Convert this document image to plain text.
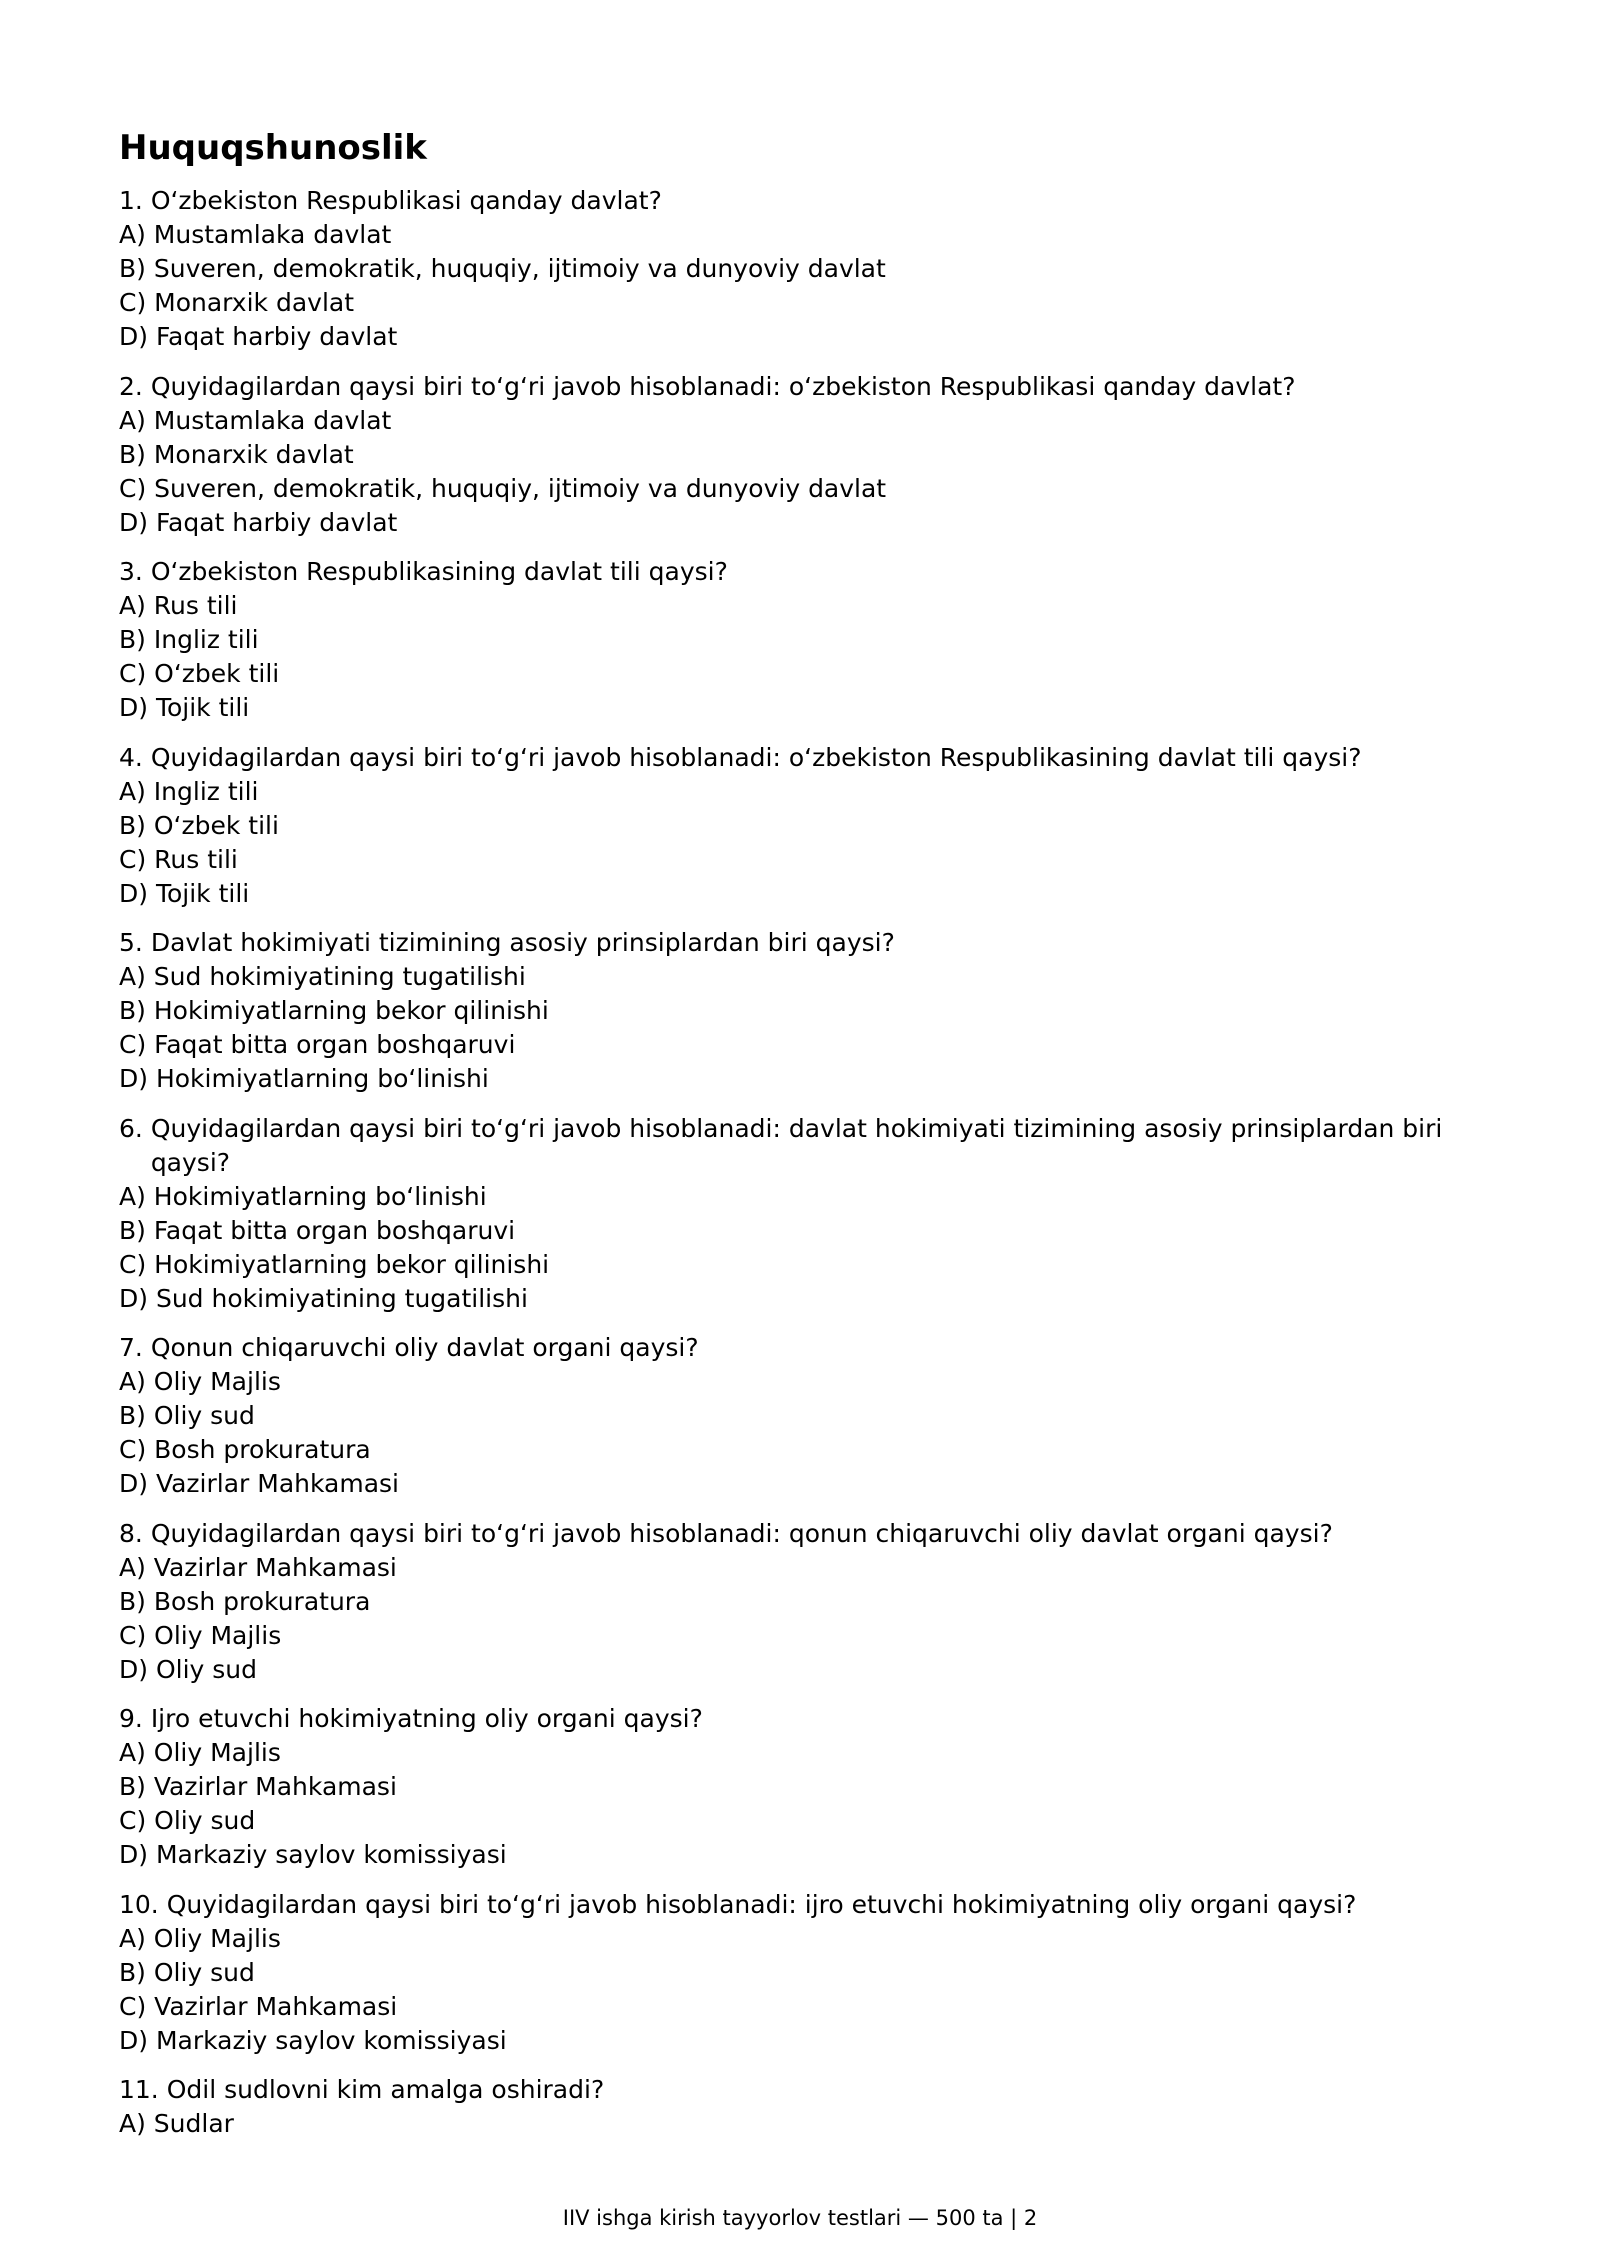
Huquqshunoslik

1.
O‘zbekiston Respublikasi qanday davlat?

A) Mustamlaka davlat

B) Suveren, demokratik, huquqiy, ijtimoiy va dunyoviy davlat

C) Monarxik davlat

D) Faqat harbiy davlat

2.
Quyidagilardan qaysi biri to‘g‘ri javob hisoblanadi: o‘zbekiston Respublikasi qanday davlat?

A) Mustamlaka davlat

B) Monarxik davlat

C) Suveren, demokratik, huquqiy, ijtimoiy va dunyoviy davlat

D) Faqat harbiy davlat

3.
O‘zbekiston Respublikasining davlat tili qaysi?

A) Rus tili

B) Ingliz tili

C) O‘zbek tili

D) Tojik tili

4.
Quyidagilardan qaysi biri to‘g‘ri javob hisoblanadi: o‘zbekiston Respublikasining davlat tili qaysi?

A) Ingliz tili

B) O‘zbek tili

C) Rus tili

D) Tojik tili

5.
Davlat hokimiyati tizimining asosiy prinsiplardan biri qaysi?

A) Sud hokimiyatining tugatilishi

B) Hokimiyatlarning bekor qilinishi

C) Faqat bitta organ boshqaruvi

D) Hokimiyatlarning bo‘linishi

6.
Quyidagilardan qaysi biri to‘g‘ri javob hisoblanadi: davlat hokimiyati tizimining asosiy prinsiplardan biri qaysi?

A) Hokimiyatlarning bo‘linishi

B) Faqat bitta organ boshqaruvi

C) Hokimiyatlarning bekor qilinishi

D) Sud hokimiyatining tugatilishi

7.
Qonun chiqaruvchi oliy davlat organi qaysi?

A) Oliy Majlis

B) Oliy sud

C) Bosh prokuratura

D) Vazirlar Mahkamasi

8.
Quyidagilardan qaysi biri to‘g‘ri javob hisoblanadi: qonun chiqaruvchi oliy davlat organi qaysi?

A) Vazirlar Mahkamasi

B) Bosh prokuratura

C) Oliy Majlis

D) Oliy sud

9.
Ijro etuvchi hokimiyatning oliy organi qaysi?

A) Oliy Majlis

B) Vazirlar Mahkamasi

C) Oliy sud

D) Markaziy saylov komissiyasi

10.
Quyidagilardan qaysi biri to‘g‘ri javob hisoblanadi: ijro etuvchi hokimiyatning oliy organi qaysi?

A) Oliy Majlis

B) Oliy sud

C) Vazirlar Mahkamasi

D) Markaziy saylov komissiyasi

11.
Odil sudlovni kim amalga oshiradi?

A) Sudlar

IIV ishga kirish tayyorlov testlari — 500 ta | 2
